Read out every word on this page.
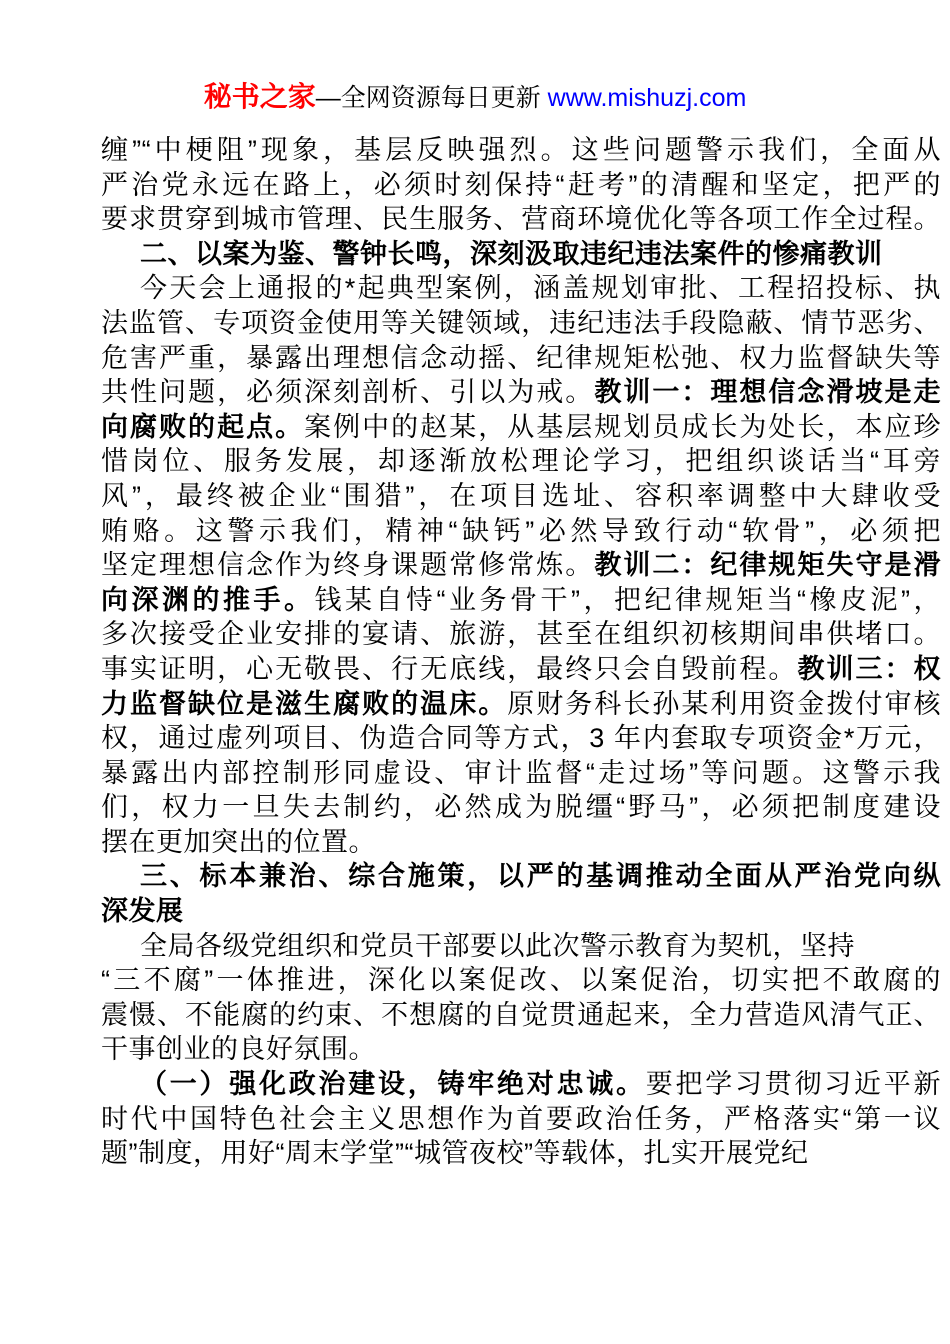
秘书之家—全网资源每日更新 www.mishuzj.com
缠”“中梗阻”现象，基层反映强烈。这些问题警示我们，全面从
严治党永远在路上，必须时刻保持“赶考”的清醒和坚定，把严的
要求贯穿到城市管理、民生服务、营商环境优化等各项工作全过程。
二、以案为鉴、警钟长鸣，深刻汲取违纪违法案件的惨痛教训
今天会上通报的*起典型案例，涵盖规划审批、工程招投标、执
法监管、专项资金使用等关键领域，违纪违法手段隐蔽、情节恶劣、
危害严重，暴露出理想信念动摇、纪律规矩松弛、权力监督缺失等
共性问题，必须深刻剖析、引以为戒。教训一：理想信念滑坡是走
向腐败的起点。案例中的赵某，从基层规划员成长为处长，本应珍
惜岗位、服务发展，却逐渐放松理论学习，把组织谈话当“耳旁
风”，最终被企业“围猎”，在项目选址、容积率调整中大肆收受
贿赂。这警示我们，精神“缺钙”必然导致行动“软骨”，必须把
坚定理想信念作为终身课题常修常炼。教训二：纪律规矩失守是滑
向深渊的推手。钱某自恃“业务骨干”，把纪律规矩当“橡皮泥”，
多次接受企业安排的宴请、旅游，甚至在组织初核期间串供堵口。
事实证明，心无敬畏、行无底线，最终只会自毁前程。教训三：权
力监督缺位是滋生腐败的温床。原财务科长孙某利用资金拨付审核
权，通过虚列项目、伪造合同等方式，3 年内套取专项资金*万元，
暴露出内部控制形同虚设、审计监督“走过场”等问题。这警示我
们，权力一旦失去制约，必然成为脱缰“野马”，必须把制度建设
摆在更加突出的位置。
三、标本兼治、综合施策，以严的基调推动全面从严治党向纵
深发展
全局各级党组织和党员干部要以此次警示教育为契机，坚持
“三不腐”一体推进，深化以案促改、以案促治，切实把不敢腐的
震慑、不能腐的约束、不想腐的自觉贯通起来，全力营造风清气正、
干事创业的良好氛围。
（一）强化政治建设，铸牢绝对忠诚。要把学习贯彻习近平新
时代中国特色社会主义思想作为首要政治任务，严格落实“第一议
题”制度，用好“周末学堂”“城管夜校”等载体，扎实开展党纪
